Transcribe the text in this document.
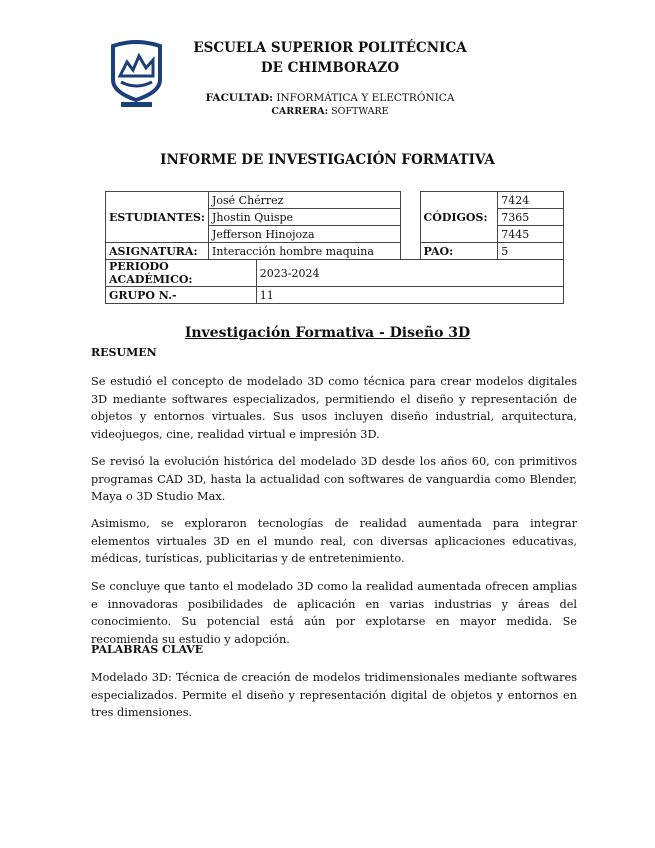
ESCUELA SUPERIOR POLITÉCNICA DE CHIMBORAZO
FACULTAD: INFORMÁTICA Y ELECTRÓNICA
CARRERA: SOFTWARE
INFORME DE INVESTIGACIÓN FORMATIVA
ESTUDIANTES:	José Chérrez			CÓDIGOS:	7424
	Jhostin Quispe				7365
	Jefferson Hinojoza				7445
ASIGNATURA:	Interacción hombre maquina			PAO:	5
PERIODO ACADÉMICO:		2023-2024			
GRUPO N.-		11			
Investigación Formativa - Diseño 3D
RESUMEN
Se estudió el concepto de modelado 3D como técnica para crear modelos digitales 3D mediante softwares especializados, permitiendo el diseño y representación de objetos y entornos virtuales. Sus usos incluyen diseño industrial, arquitectura, videojuegos, cine, realidad virtual e impresión 3D.
Se revisó la evolución histórica del modelado 3D desde los años 60, con primitivos programas CAD 3D, hasta la actualidad con softwares de vanguardia como Blender, Maya o 3D Studio Max.
Asimismo, se exploraron tecnologías de realidad aumentada para integrar elementos virtuales 3D en el mundo real, con diversas aplicaciones educativas, médicas, turísticas, publicitarias y de entretenimiento.
Se concluye que tanto el modelado 3D como la realidad aumentada ofrecen amplias e innovadoras posibilidades de aplicación en varias industrias y áreas del conocimiento. Su potencial está aún por explotarse en mayor medida. Se recomienda su estudio y adopción.
PALABRAS CLAVE
Modelado 3D: Técnica de creación de modelos tridimensionales mediante softwares especializados. Permite el diseño y representación digital de objetos y entornos en tres dimensiones.
